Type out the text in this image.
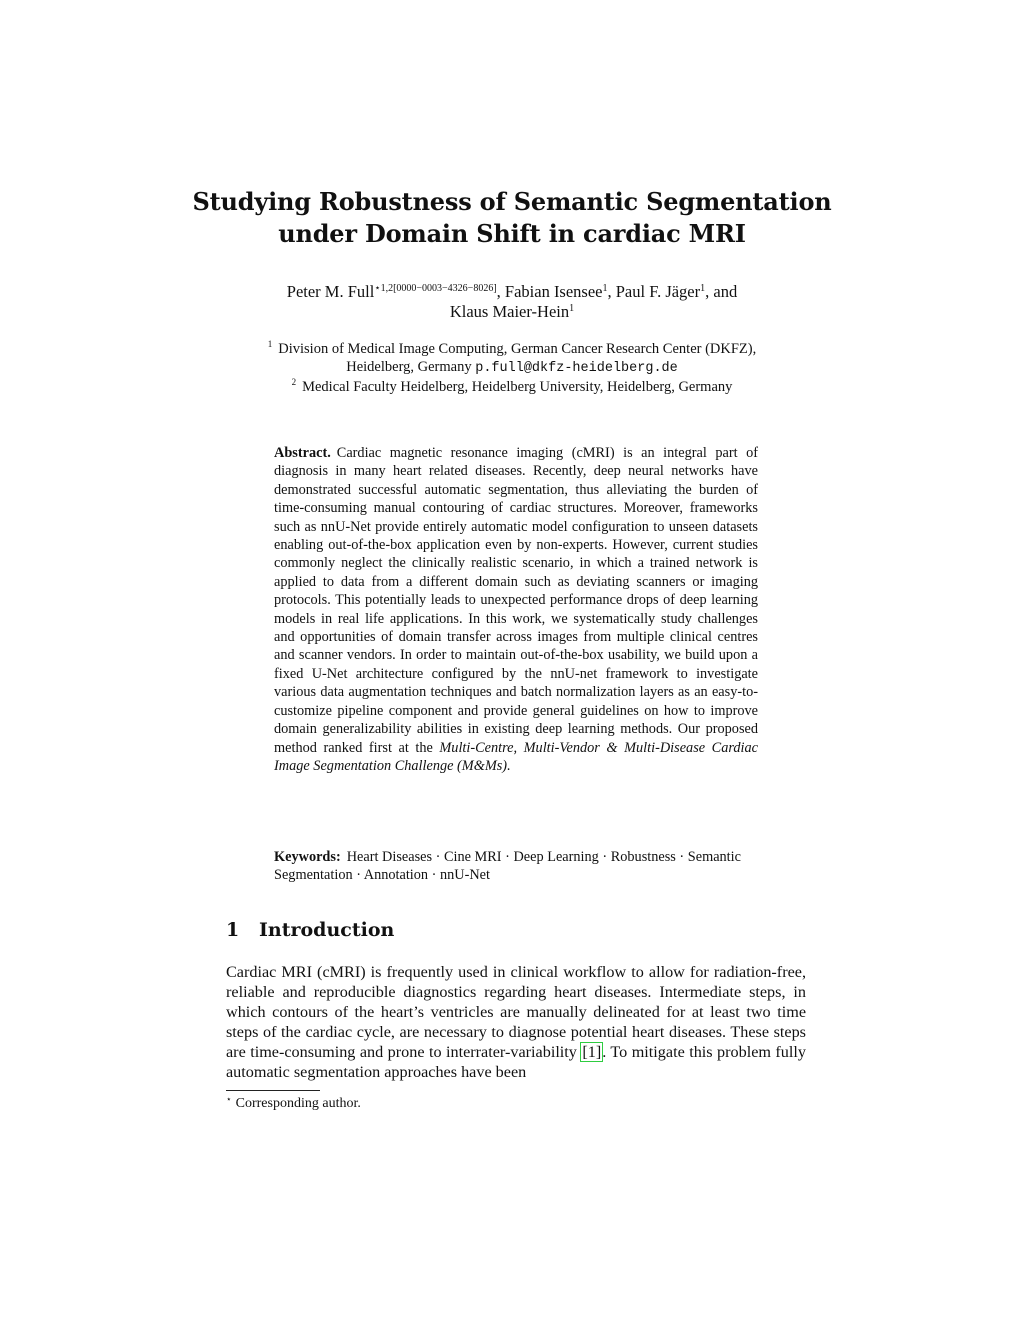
Studying Robustness of Semantic Segmentation
under Domain Shift in cardiac MRI
Peter M. Full$^{⋆1,2[0000-0003-4326-8026]}$, Fabian Isensee$^1$, Paul F. Jäger$^1$, and
Klaus Maier-Hein$^1$
$^1$ Division of Medical Image Computing, German Cancer Research Center (DKFZ),
Heidelberg, Germany p.full@dkfz-heidelberg.de
$^2$ Medical Faculty Heidelberg, Heidelberg University, Heidelberg, Germany
Abstract. Cardiac magnetic resonance imaging (cMRI) is an integral part of diagnosis in many heart related diseases. Recently, deep neural networks have demonstrated successful automatic segmentation, thus alleviating the burden of time-consuming manual contouring of cardiac structures. Moreover, frameworks such as nnU-Net provide entirely automatic model configuration to unseen datasets enabling out-of-the-box application even by non-experts. However, current studies commonly neglect the clinically realistic scenario, in which a trained network is applied to data from a different domain such as deviating scanners or imaging protocols. This potentially leads to unexpected performance drops of deep learning models in real life applications. In this work, we systematically study challenges and opportunities of domain transfer across images from multiple clinical centres and scanner vendors. In order to maintain out-of-the-box usability, we build upon a fixed U-Net architecture configured by the nnU-net framework to investigate various data augmentation techniques and batch normalization layers as an easy-to-customize pipeline component and provide general guidelines on how to improve domain generalizability abilities in existing deep learning methods. Our proposed method ranked first at the Multi-Centre, Multi-Vendor & Multi-Disease Cardiac Image Segmentation Challenge (M&Ms).
Keywords: Heart Diseases · Cine MRI · Deep Learning · Robustness · Semantic Segmentation · Annotation · nnU-Net
1 Introduction
Cardiac MRI (cMRI) is frequently used in clinical workflow to allow for radiation-free, reliable and reproducible diagnostics regarding heart diseases. Intermediate steps, in which contours of the heart’s ventricles are manually delineated for at least two time steps of the cardiac cycle, are necessary to diagnose potential heart diseases. These steps are time-consuming and prone to interrater-variability [1]. To mitigate this problem fully automatic segmentation approaches have been
⋆ Corresponding author.
